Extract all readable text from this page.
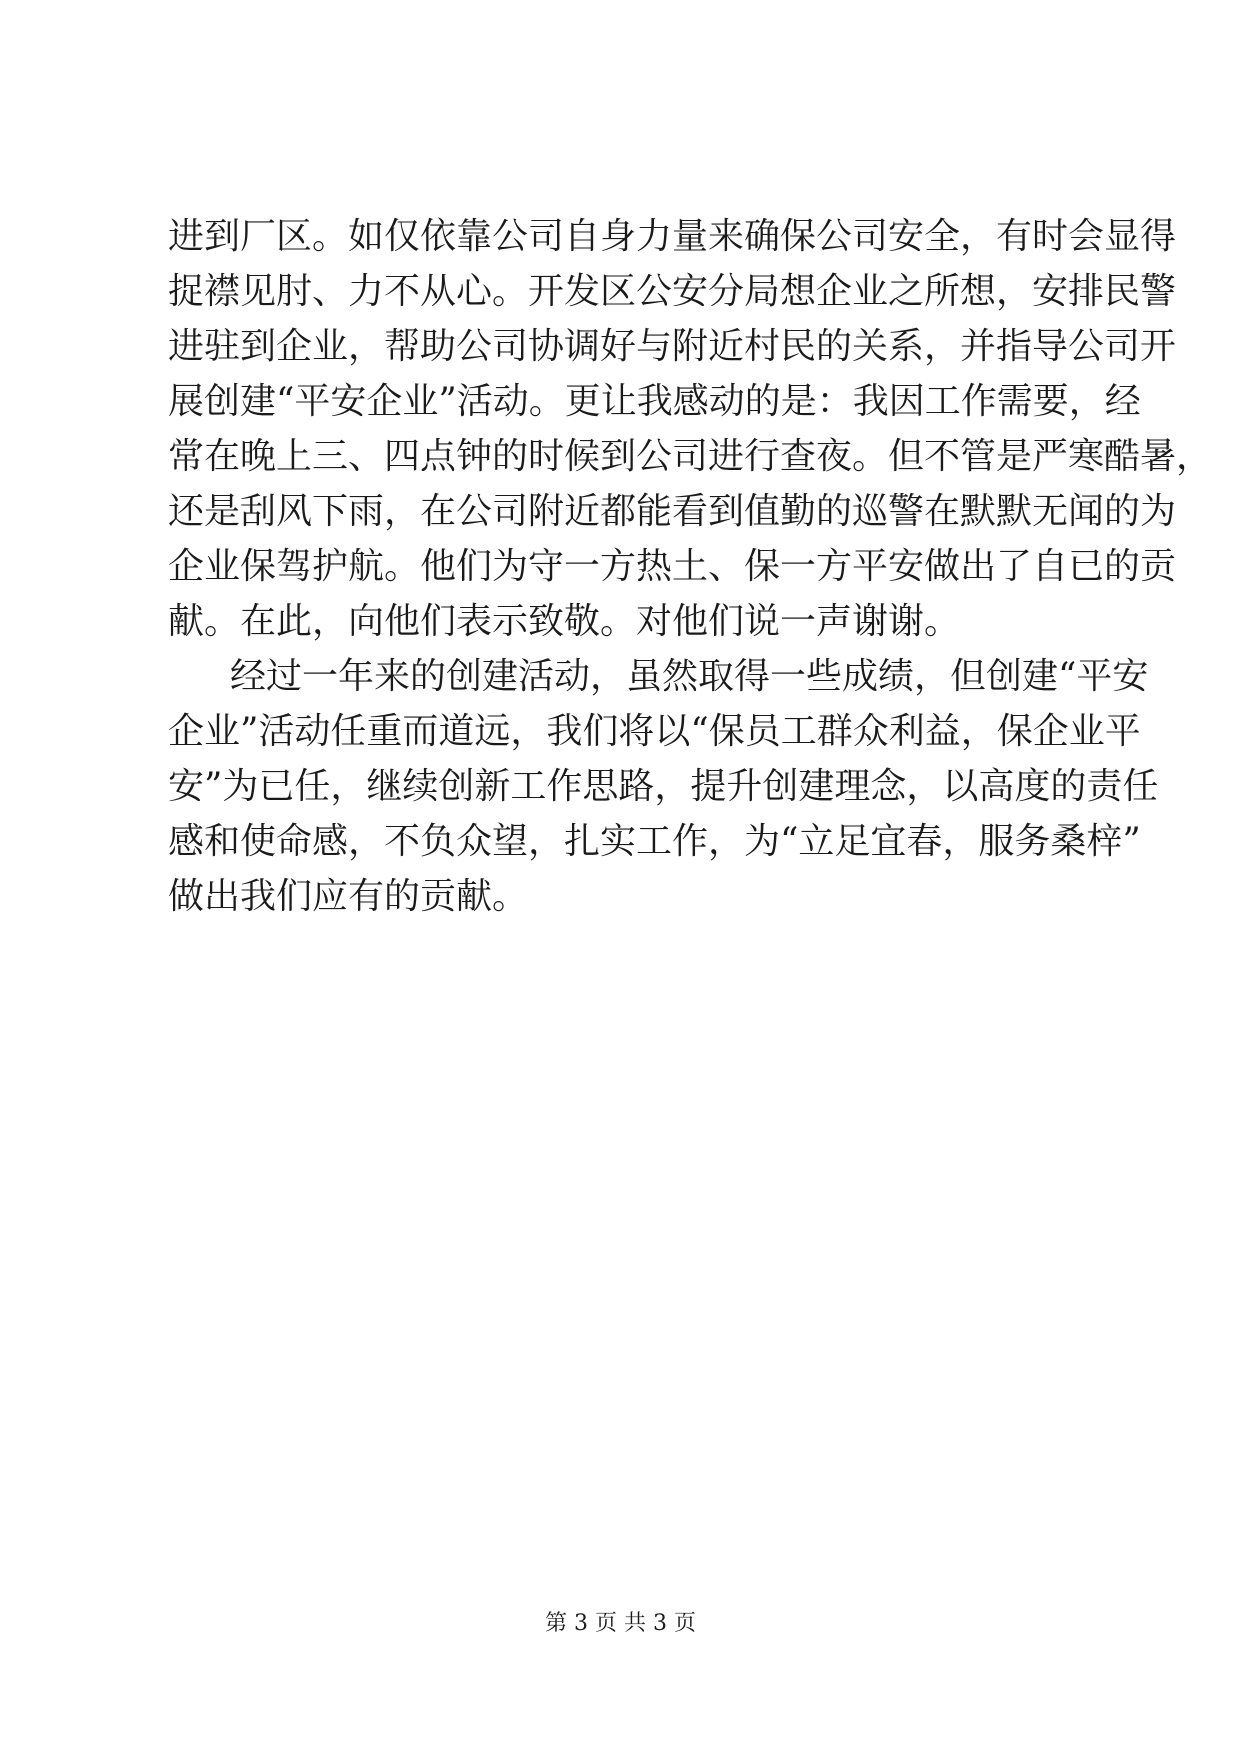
进到厂区。如仅依靠公司自身力量来确保公司安全，有时会显得
捉襟见肘、力不从心。开发区公安分局想企业之所想，安排民警
进驻到企业，帮助公司协调好与附近村民的关系，并指导公司开
展创建“平安企业”活动。更让我感动的是：我因工作需要，经
常在晚上三、四点钟的时候到公司进行查夜。但不管是严寒酷暑，
还是刮风下雨，在公司附近都能看到值勤的巡警在默默无闻的为
企业保驾护航。他们为守一方热土、保一方平安做出了自已的贡
献。在此，向他们表示致敬。对他们说一声谢谢。
经过一年来的创建活动，虽然取得一些成绩，但创建“平安
企业”活动任重而道远，我们将以“保员工群众利益，保企业平
安”为已任，继续创新工作思路，提升创建理念，以高度的责任
感和使命感，不负众望，扎实工作，为“立足宜春，服务桑梓”
做出我们应有的贡献。
第 3 页 共 3 页
